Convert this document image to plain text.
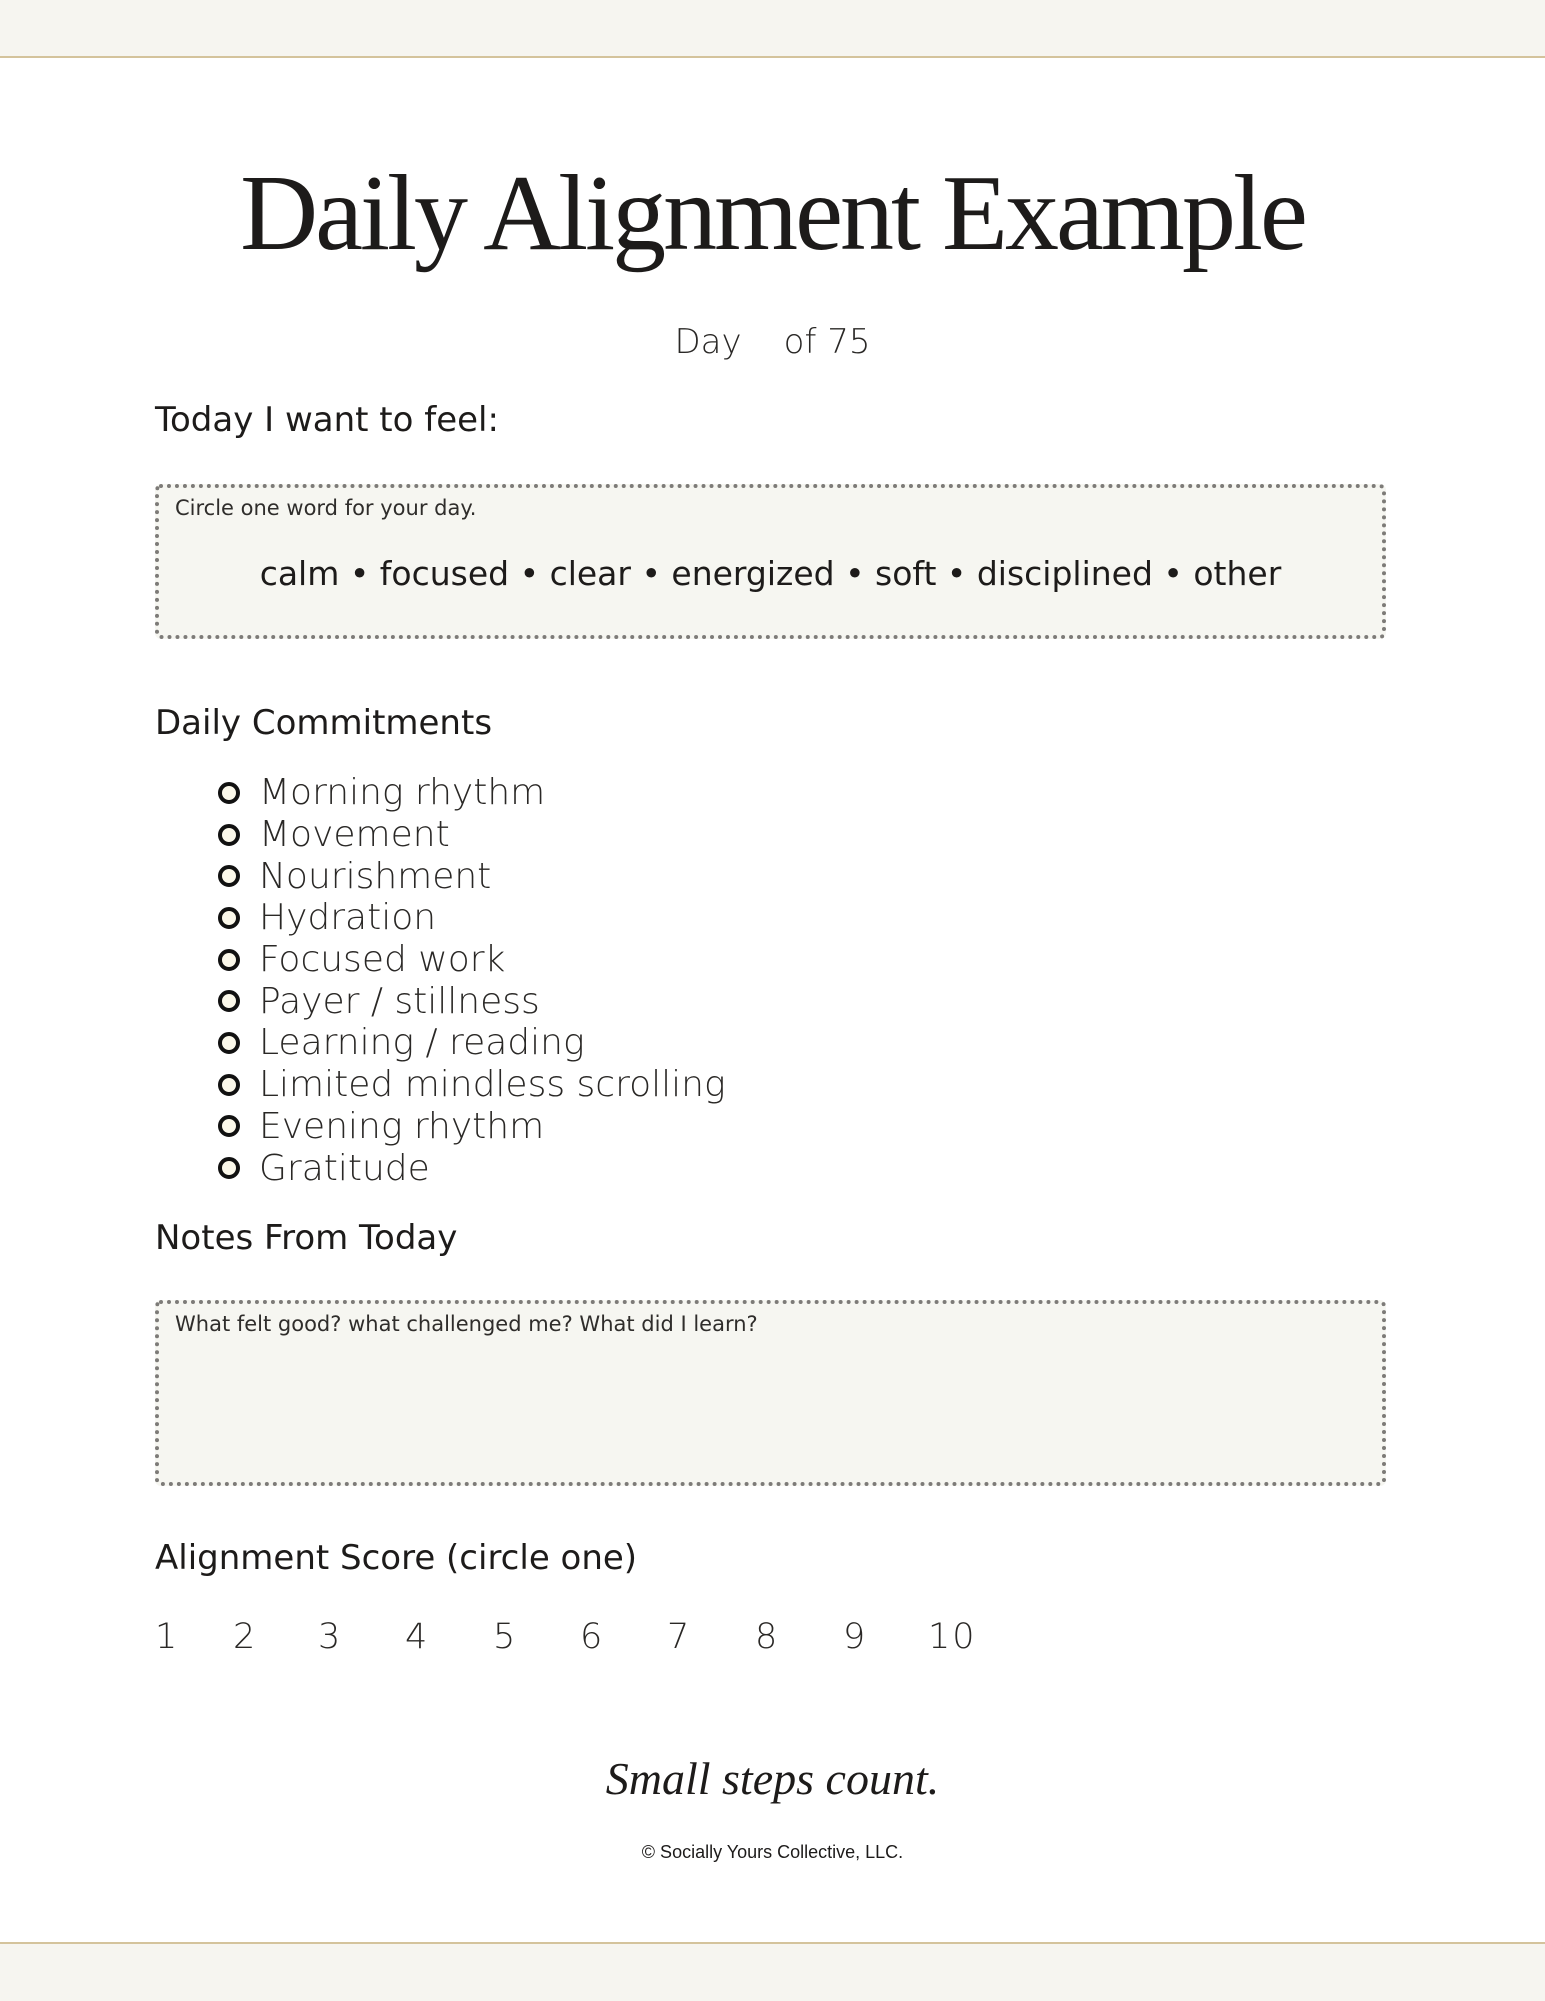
Daily Alignment Example
Day of 75
Today I want to feel:
Circle one word for your day.
calm • focused • clear • energized • soft • disciplined • other
Daily Commitments
Morning rhythm
Movement
Nourishment
Hydration
Focused work
Payer / stillness
Learning / reading
Limited mindless scrolling
Evening rhythm
Gratitude
Notes From Today
What felt good? what challenged me? What did I learn?
Alignment Score (circle one)
1 2 3 4 5 6 7 8 9 10
Small steps count.
© Socially Yours Collective, LLC.
